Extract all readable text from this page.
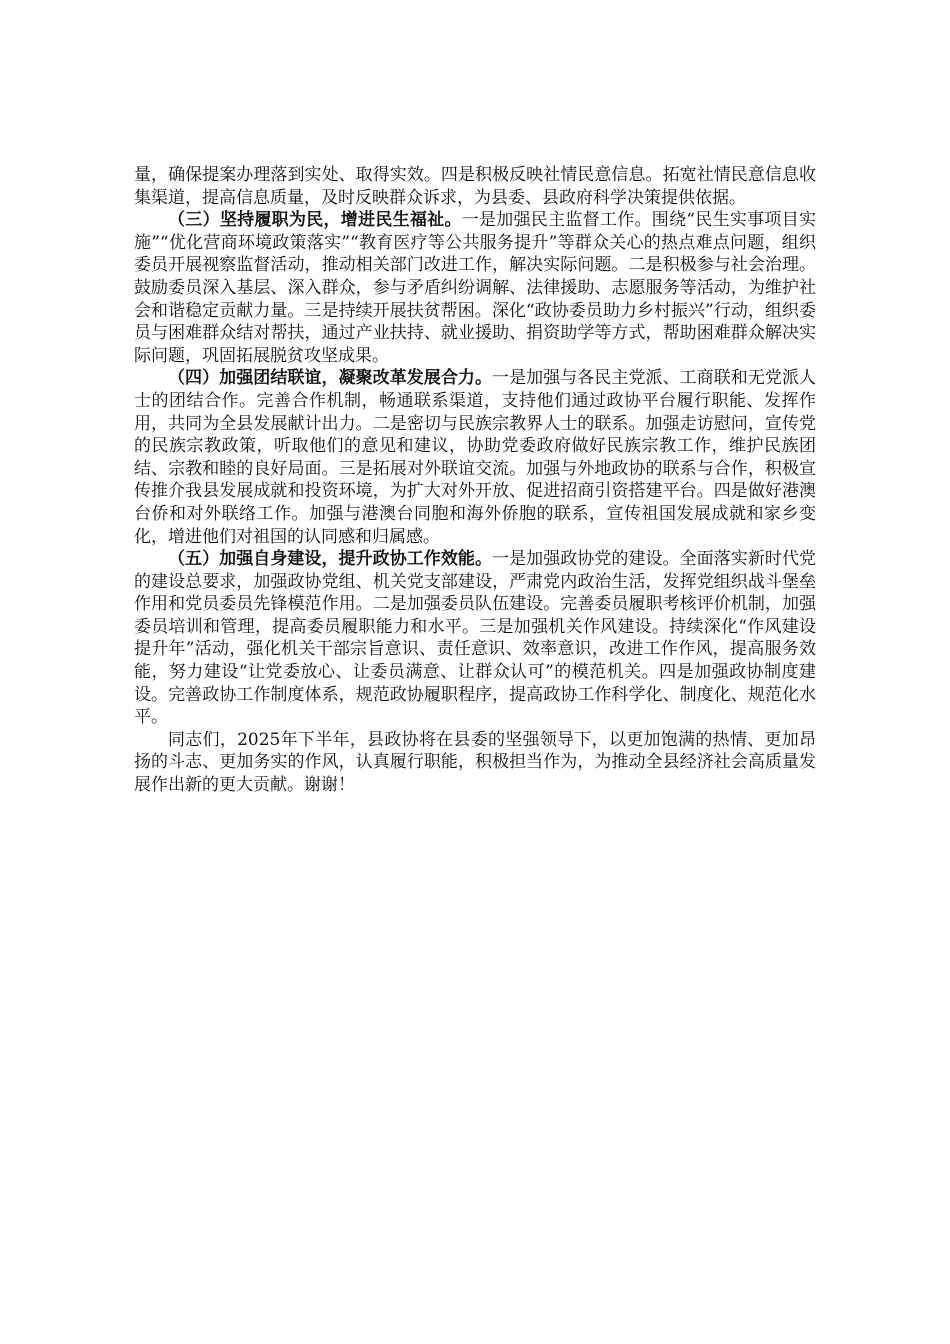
量，确保提案办理落到实处、取得实效。四是积极反映社情民意信息。拓宽社情民意信息收集渠道，提高信息质量，及时反映群众诉求，为县委、县政府科学决策提供依据。

（三）坚持履职为民，增进民生福祉。一是加强民主监督工作。围绕“民生实事项目实施”“优化营商环境政策落实”“教育医疗等公共服务提升”等群众关心的热点难点问题，组织委员开展视察监督活动，推动相关部门改进工作，解决实际问题。二是积极参与社会治理。鼓励委员深入基层、深入群众，参与矛盾纠纷调解、法律援助、志愿服务等活动，为维护社会和谐稳定贡献力量。三是持续开展扶贫帮困。深化“政协委员助力乡村振兴”行动，组织委员与困难群众结对帮扶，通过产业扶持、就业援助、捐资助学等方式，帮助困难群众解决实际问题，巩固拓展脱贫攻坚成果。

（四）加强团结联谊，凝聚改革发展合力。一是加强与各民主党派、工商联和无党派人士的团结合作。完善合作机制，畅通联系渠道，支持他们通过政协平台履行职能、发挥作用，共同为全县发展献计出力。二是密切与民族宗教界人士的联系。加强走访慰问，宣传党的民族宗教政策，听取他们的意见和建议，协助党委政府做好民族宗教工作，维护民族团结、宗教和睦的良好局面。三是拓展对外联谊交流。加强与外地政协的联系与合作，积极宣传推介我县发展成就和投资环境，为扩大对外开放、促进招商引资搭建平台。四是做好港澳台侨和对外联络工作。加强与港澳台同胞和海外侨胞的联系，宣传祖国发展成就和家乡变化，增进他们对祖国的认同感和归属感。

（五）加强自身建设，提升政协工作效能。一是加强政协党的建设。全面落实新时代党的建设总要求，加强政协党组、机关党支部建设，严肃党内政治生活，发挥党组织战斗堡垒作用和党员委员先锋模范作用。二是加强委员队伍建设。完善委员履职考核评价机制，加强委员培训和管理，提高委员履职能力和水平。三是加强机关作风建设。持续深化“作风建设提升年”活动，强化机关干部宗旨意识、责任意识、效率意识，改进工作作风，提高服务效能，努力建设“让党委放心、让委员满意、让群众认可”的模范机关。四是加强政协制度建设。完善政协工作制度体系，规范政协履职程序，提高政协工作科学化、制度化、规范化水平。

同志们，2025年下半年，县政协将在县委的坚强领导下，以更加饱满的热情、更加昂扬的斗志、更加务实的作风，认真履行职能，积极担当作为，为推动全县经济社会高质量发展作出新的更大贡献。谢谢！
